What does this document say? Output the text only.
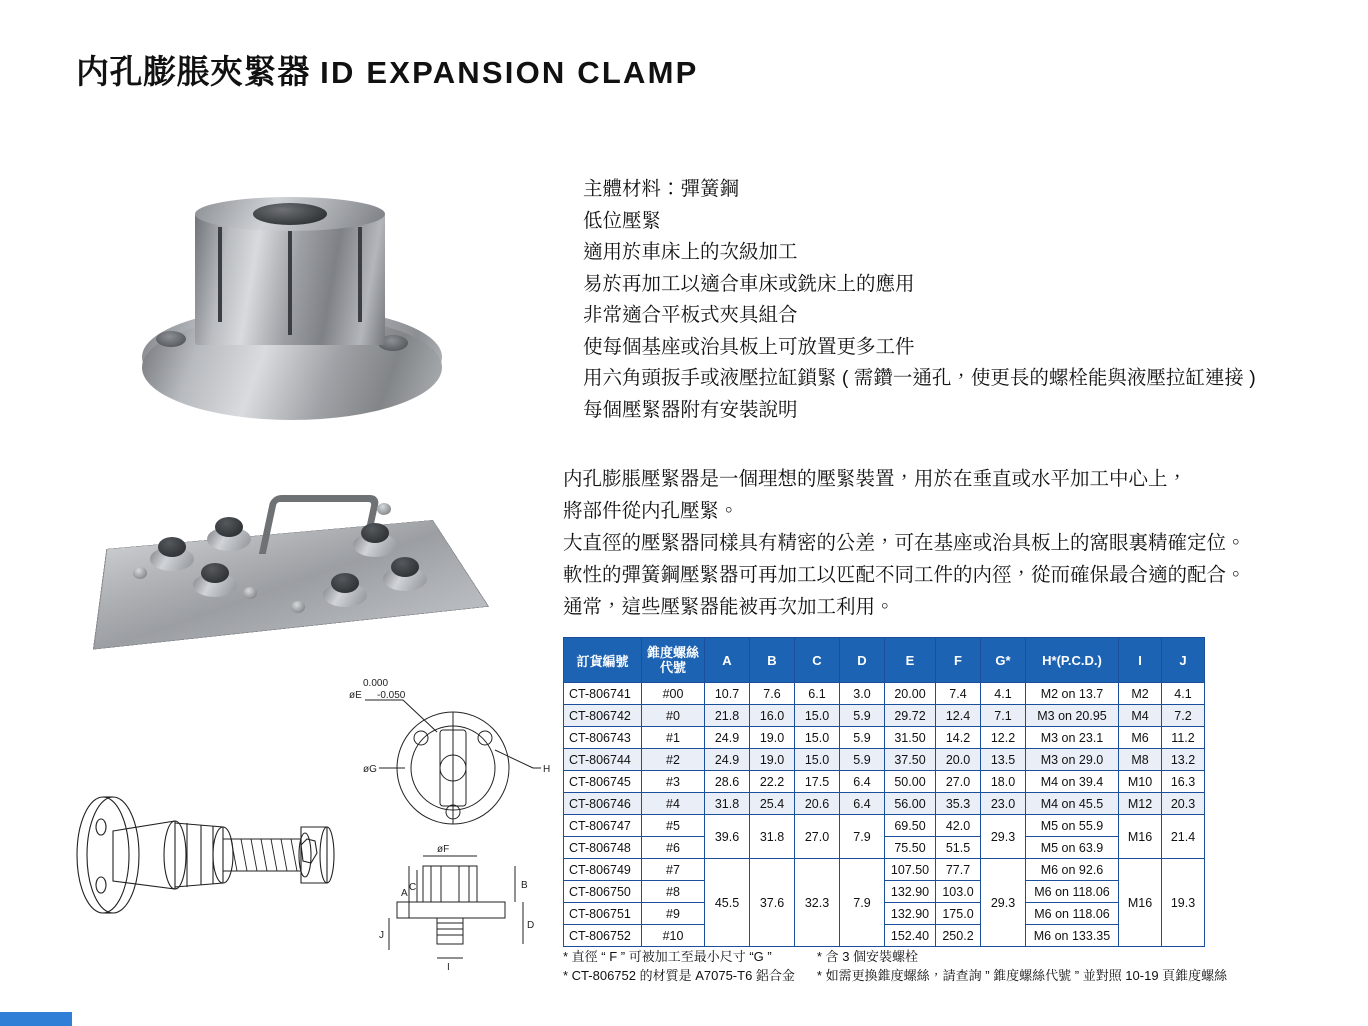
内孔膨脹夾緊器 ID EXPANSION CLAMP
0.000
-0.050
øE
øG	H
øF
A
C	B
D
J
I
主體材料：彈簧鋼
低位壓緊
適用於車床上的次級加工
易於再加工以適合車床或銑床上的應用
非常適合平板式夾具組合
使每個基座或治具板上可放置更多工件
用六角頭扳手或液壓拉缸鎖緊 ( 需鑽一通孔，使更長的螺栓能與液壓拉缸連接 )
每個壓緊器附有安裝說明
内孔膨脹壓緊器是一個理想的壓緊裝置，用於在垂直或水平加工中心上，
將部件從内孔壓緊。
大直徑的壓緊器同樣具有精密的公差，可在基座或治具板上的窩眼裏精確定位。
軟性的彈簧鋼壓緊器可再加工以匹配不同工件的内徑，從而確保最合適的配合。
通常，這些壓緊器能被再次加工利用。
訂貨編號	錐度螺絲
代號	A	B	C	D	E	F	G*	H*(P.C.D.)	I	J
CT-806741	#00	10.7	7.6	6.1	3.0	20.00	7.4	4.1	M2 on 13.7	M2	4.1
CT-806742	#0	21.8	16.0	15.0	5.9	29.72	12.4	7.1	M3 on 20.95	M4	7.2
CT-806743	#1	24.9	19.0	15.0	5.9	31.50	14.2	12.2	M3 on 23.1	M6	11.2
CT-806744	#2	24.9	19.0	15.0	5.9	37.50	20.0	13.5	M3 on 29.0	M8	13.2
CT-806745	#3	28.6	22.2	17.5	6.4	50.00	27.0	18.0	M4 on 39.4	M10	16.3
CT-806746	#4	31.8	25.4	20.6	6.4	56.00	35.3	23.0	M4 on 45.5	M12	20.3
CT-806747	#5	39.6	31.8	27.0	7.9	69.50	42.0	29.3	M5 on 55.9	M16	21.4
CT-806748	#6					75.50	51.5		M5 on 63.9		
CT-806749	#7	45.5	37.6	32.3	7.9	107.50	77.7	29.3	M6 on 92.6	M16	19.3
CT-806750	#8					132.90	103.0		M6 on 118.06		
CT-806751	#9					132.90	175.0		M6 on 118.06		
CT-806752	#10					152.40	250.2		M6 on 133.35		
* 直徑 “ F ” 可被加工至最小尺寸 “G ”
* CT-806752 的材質是 A7075-T6 鋁合金
* 含 3 個安裝螺栓
* 如需更換錐度螺絲，請查詢 ” 錐度螺絲代號 ” 並對照 10-19 頁錐度螺絲
